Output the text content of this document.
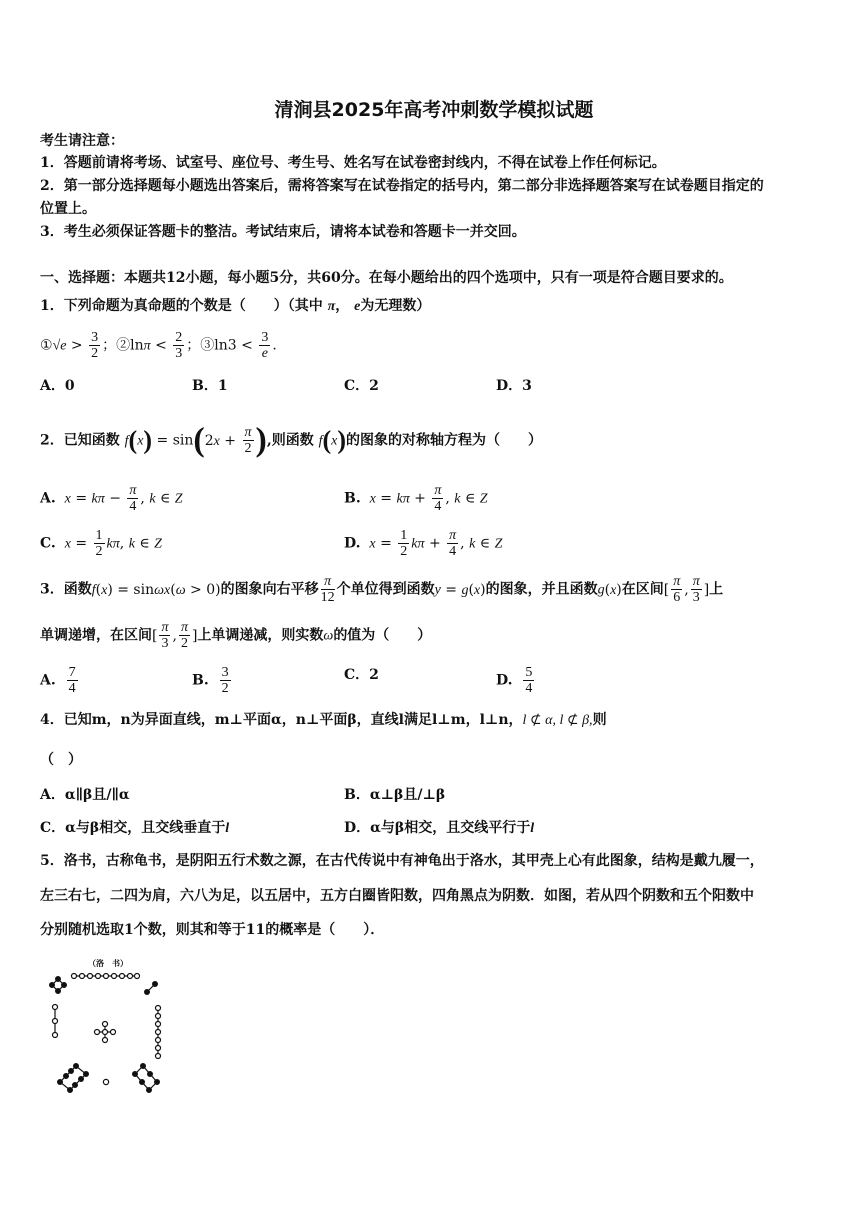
清涧县2025年高考冲刺数学模拟试题
考生请注意：
1．答题前请将考场、试室号、座位号、考生号、姓名写在试卷密封线内，不得在试卷上作任何标记。
2．第一部分选择题每小题选出答案后，需将答案写在试卷指定的括号内，第二部分非选择题答案写在试卷题目指定的
位置上。
3．考生必须保证答题卡的整洁。考试结束后，请将本试卷和答题卡一并交回。
一、选择题：本题共12小题，每小题5分，共60分。在每小题给出的四个选项中，只有一项是符合题目要求的。
1．下列命题为真命题的个数是（　　）（其中 π， e为无理数）
①√e > $\frac{3}{2}$ ；②lnπ < $\frac{2}{3}$ ；③ln3 < $\frac{3}{e}$ .
A．0	B．1	C．2	D．3
2．已知函数 $f(x) = \sin(2x + \frac{\pi}{2}$ ),则函数 f(x)的图象的对称轴方程为（　　）
A. $x = k\pi - \frac{\pi}{4}$ , k ∈ Z	B. $x = k\pi + \frac{\pi}{4}$ , k ∈ Z
C. $x = \frac{1}{2} k\pi$, k ∈ Z	D. $x = \frac{1}{2}$ $k\pi + \frac{\pi}{4}$ , k ∈ Z
3．函数f(x) = sinωx(ω > 0)的图象向右平移 $\frac{\pi}{12}$ 个单位得到函数y = g(x)的图象，并且函数g(x)在区间[ $\frac{\pi}{6}$ , $\frac{\pi}{3}$ ]上
单调递增，在区间[ $\frac{\pi}{3}$ , $\frac{\pi}{2}$ ]上单调递减，则实数ω的值为（　　）
A. $\frac{7}{4}$	B. $\frac{3}{2}$	C．2	D. $\frac{5}{4}$
4．已知m，n为异面直线，m⊥平面α，n⊥平面β，直线l满足l⊥m，l⊥n，l ⊄ α, l ⊄ β,则
（　）
A．α∥β且/∥α	B．α⊥β且/⊥β
C．α与β相交，且交线垂直于l	D．α与β相交，且交线平行于l
5．洛书，古称龟书，是阴阳五行术数之源，在古代传说中有神龟出于洛水，其甲壳上心有此图象，结构是戴九履一，
左三右七，二四为肩，六八为足，以五居中，五方白圈皆阳数，四角黑点为阴数．如图，若从四个阴数和五个阳数中
分别随机选取1个数，则其和等于11的概率是（　　）．
（洛　书）
